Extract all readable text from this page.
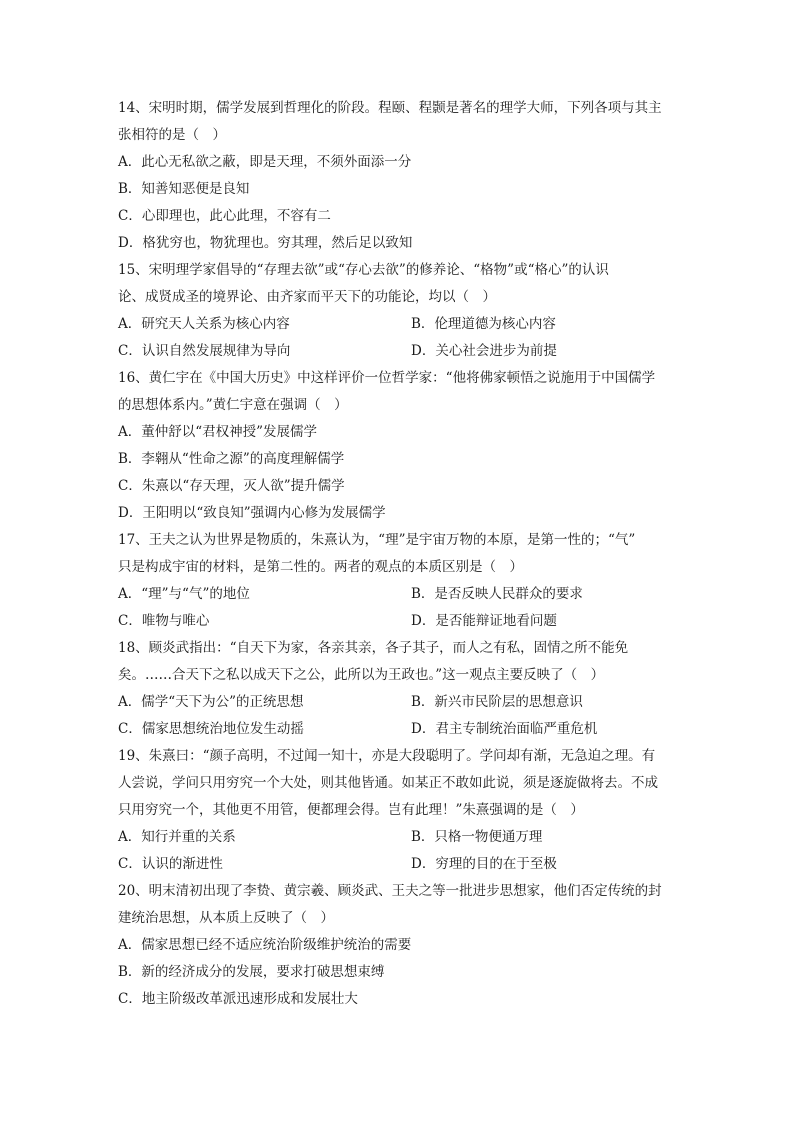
14、宋明时期，儒学发展到哲理化的阶段。程颐、程颢是著名的理学大师，下列各项与其主
张相符的是（　）
A．此心无私欲之蔽，即是天理，不须外面添一分
B．知善知恶便是良知
C．心即理也，此心此理，不容有二
D．格犹穷也，物犹理也。穷其理，然后足以致知
15、宋明理学家倡导的“存理去欲”或“存心去欲”的修养论、“格物”或“格心”的认识
论、成贤成圣的境界论、由齐家而平天下的功能论，均以（　）
A．研究天人关系为核心内容	B．伦理道德为核心内容
C．认识自然发展规律为导向	D．关心社会进步为前提
16、黄仁宇在《中国大历史》中这样评价一位哲学家：“他将佛家顿悟之说施用于中国儒学
的思想体系内。”黄仁宇意在强调（　）
A．董仲舒以“君权神授”发展儒学
B．李翱从“性命之源”的高度理解儒学
C．朱熹以“存天理，灭人欲”提升儒学
D．王阳明以“致良知”强调内心修为发展儒学
17、王夫之认为世界是物质的，朱熹认为，“理”是宇宙万物的本原，是第一性的；“气”
只是构成宇宙的材料，是第二性的。两者的观点的本质区别是（　）
A．“理”与“气”的地位	B．是否反映人民群众的要求
C．唯物与唯心	D．是否能辩证地看问题
18、顾炎武指出：“自天下为家，各亲其亲，各子其子，而人之有私，固情之所不能免
矣。……合天下之私以成天下之公，此所以为王政也。”这一观点主要反映了（　）
A．儒学“天下为公”的正统思想	B．新兴市民阶层的思想意识
C．儒家思想统治地位发生动摇	D．君主专制统治面临严重危机
19、朱熹曰：“颜子高明，不过闻一知十，亦是大段聪明了。学问却有渐，无急迫之理。有
人尝说，学问只用穷究一个大处，则其他皆通。如某正不敢如此说，须是逐旋做将去。不成
只用穷究一个，其他更不用管，便都理会得。岂有此理！”朱熹强调的是（　）
A．知行并重的关系	B．只格一物便通万理
C．认识的渐进性	D．穷理的目的在于至极
20、明末清初出现了李贽、黄宗羲、顾炎武、王夫之等一批进步思想家，他们否定传统的封
建统治思想，从本质上反映了（　）
A．儒家思想已经不适应统治阶级维护统治的需要
B．新的经济成分的发展，要求打破思想束缚
C．地主阶级改革派迅速形成和发展壮大
